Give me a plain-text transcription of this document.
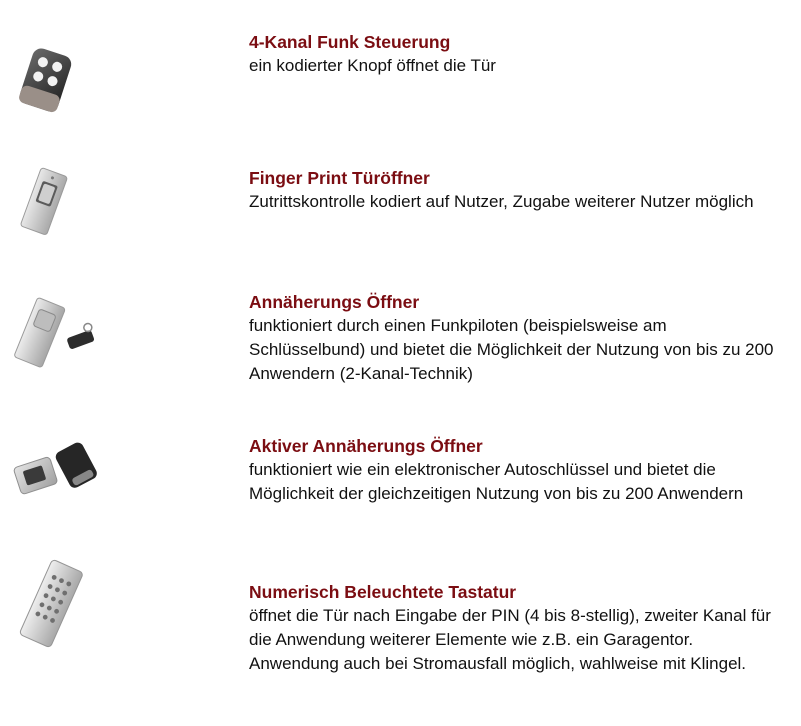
4-Kanal Funk Steuerung

ein kodierter Knopf öffnet die Tür

Finger Print Türöffner

Zutrittskontrolle kodiert auf Nutzer, Zugabe weiterer Nutzer möglich

Annäherungs Öffner

funktioniert durch einen Funkpiloten (beispielsweise am Schlüsselbund) und bietet die Möglichkeit der Nutzung von bis zu 200 Anwendern (2-Kanal-Technik)

Aktiver Annäherungs Öffner

funktioniert wie ein elektronischer Autoschlüssel und bietet die Möglichkeit der gleichzeitigen Nutzung von bis zu 200 Anwendern

Numerisch Beleuchtete Tastatur

öffnet die Tür nach Eingabe der PIN (4 bis 8-stellig), zweiter Kanal für die Anwendung weiterer Elemente wie z.B. ein Garagentor. Anwendung auch bei Stromausfall möglich, wahlweise mit Klingel.
